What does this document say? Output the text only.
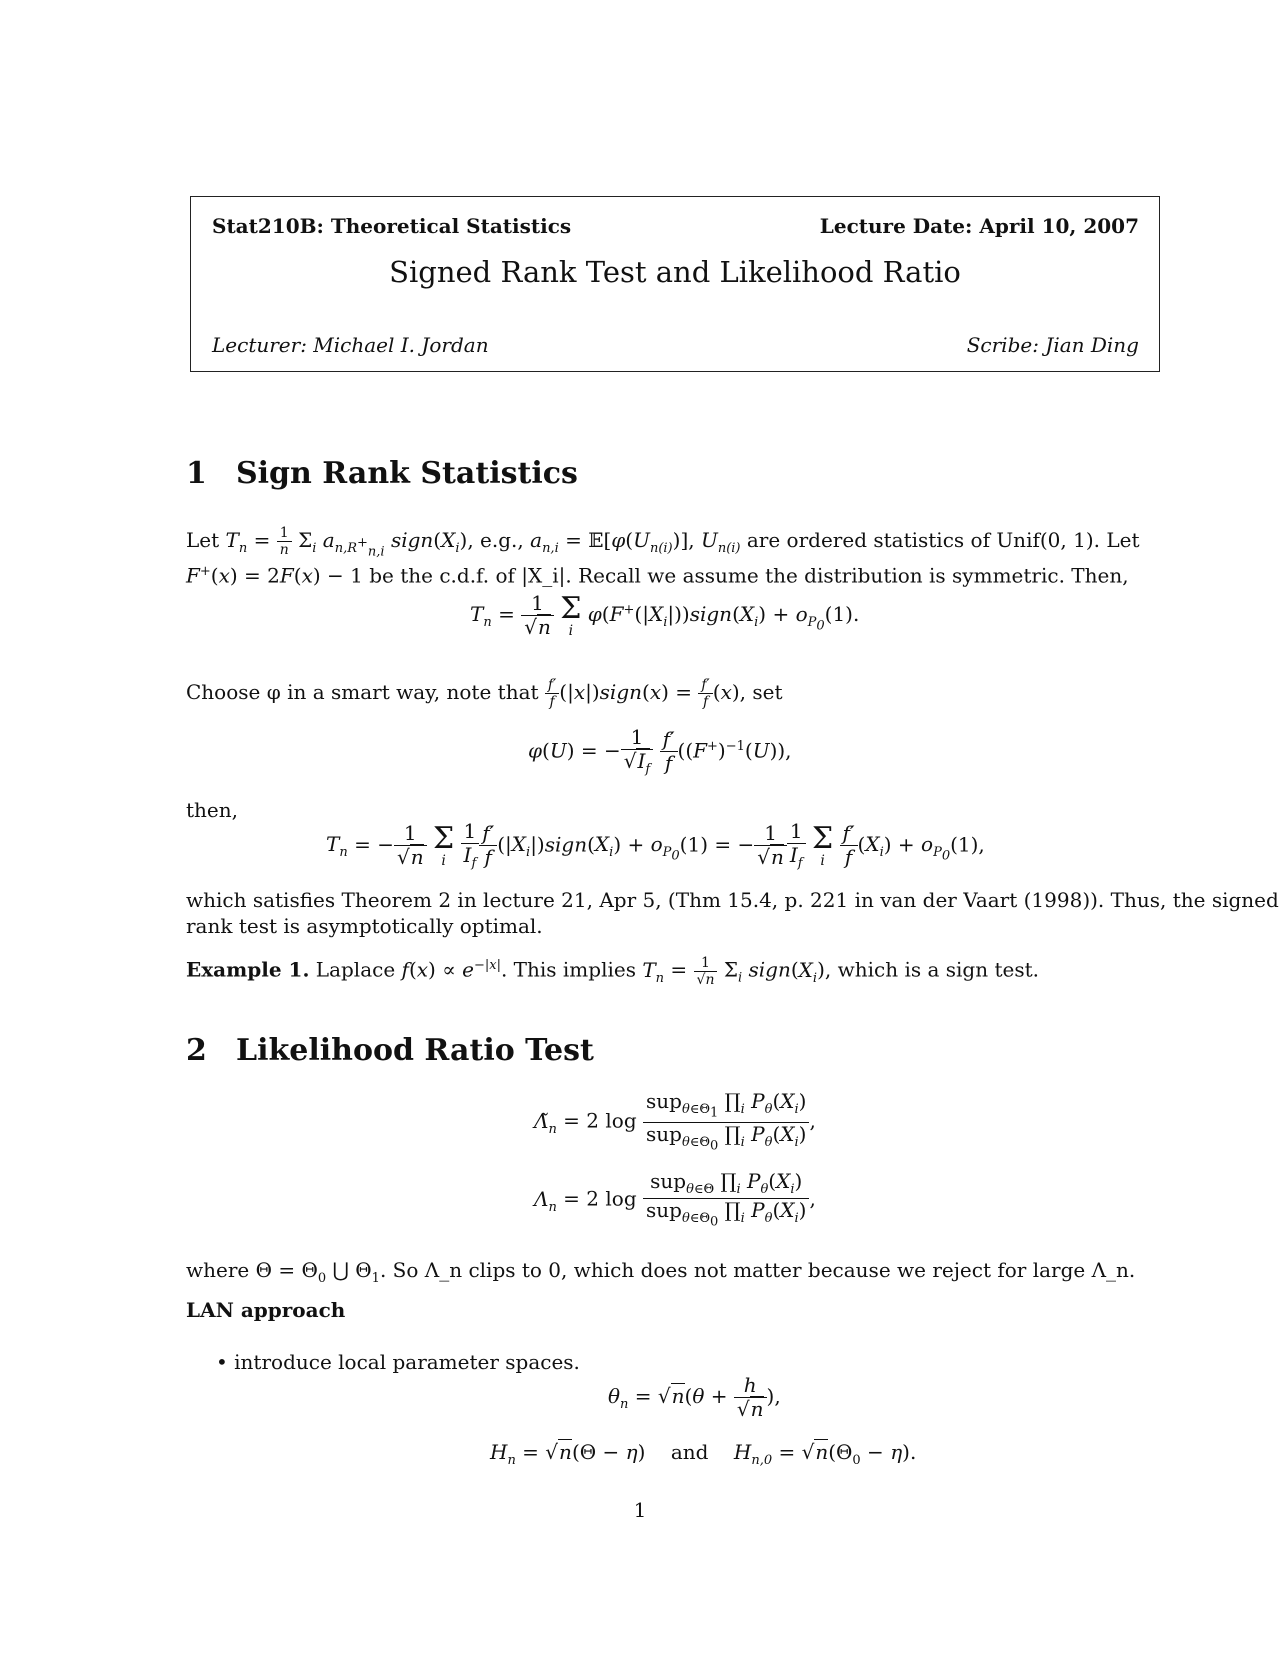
Stat210B: Theoretical Statistics	Lecture Date: April 10, 2007
Signed Rank Test and Likelihood Ratio
Lecturer: Michael I. Jordan	Scribe: Jian Ding
1 Sign Rank Statistics
Let $T_n = \frac{1}{n} \Sigma_i$ $a_{n,R^+_{n,i}}$ $sign(X_i)$, e.g., $a_{n,i}$ = $𝔼[\varphi(U_{n(i)})]$, $U_{n(i)}$ are ordered statistics of Unif(0, 1). Let
F+(x) = 2F(x) − 1 be the c.d.f. of |X_i|. Recall we assume the distribution is symmetric. Then,
$T_n = \frac{1}{√n}$
Σ
i
$\varphi(F^+(|X_i|))sign(X_i) + o_{P_0}(1)$.
Choose φ in a smart way, note that $\frac{f'}{f}$ (|x|)sign(x) = $\frac{f'}{f} (x)$, set
φ(U) = − $\frac{1}{√I_f}$
$\frac{f'}{f} ((F^+)^{-1}(U))$,
then,
$T_n$ = − $\frac{1}{√n}$
Σ
i
$\frac{1}{I_f} \frac{f'}{f}$ $(|X_i|)sign(X_i) + o_{P_0}(1)$ = − $\frac{1}{√n} \frac{1}{I_f}$
Σ
i
$\frac{f'}{f} (X_i) + o_{P_0}(1)$,
which satisfies Theorem 2 in lecture 21, Apr 5, (Thm 15.4, p. 221 in van der Vaart (1998)). Thus, the signed
rank test is asymptotically optimal.
Example 1. Laplace $f(x) \propto e^{-|x|}$. This implies $T_n = \frac{1}{√n} \Sigma_i$ $sign(X_i)$, which is a sign test.
2 Likelihood Ratio Test
$\Lambdã_n = 2$ $\log \frac{sup_{\theta\in\Theta_1} \prod_i P_\theta(X_i)}{sup_{\theta\in\Theta_0} \prod_i P_\theta(X_i)}$ ,
$\Lambda_n = 2$ $\log \frac{sup_{\theta\in\Theta} \prod_i P_\theta(X_i)}{sup_{\theta\in\Theta_0} \prod_i P_\theta(X_i)}$ ,
where $\Theta = \Theta_0$ ⋃ $\Theta_1$. So Λ_n clips to 0, which does not matter because we reject for large Λ_n.
LAN approach
• introduce local parameter spaces.
$\theta_n = √n(\theta + \frac{h}{√n}$ ),
$H_n = √n(\Theta - \eta)$    and $H_{n,0} = √n(\Theta_0 - \eta)$.
1
